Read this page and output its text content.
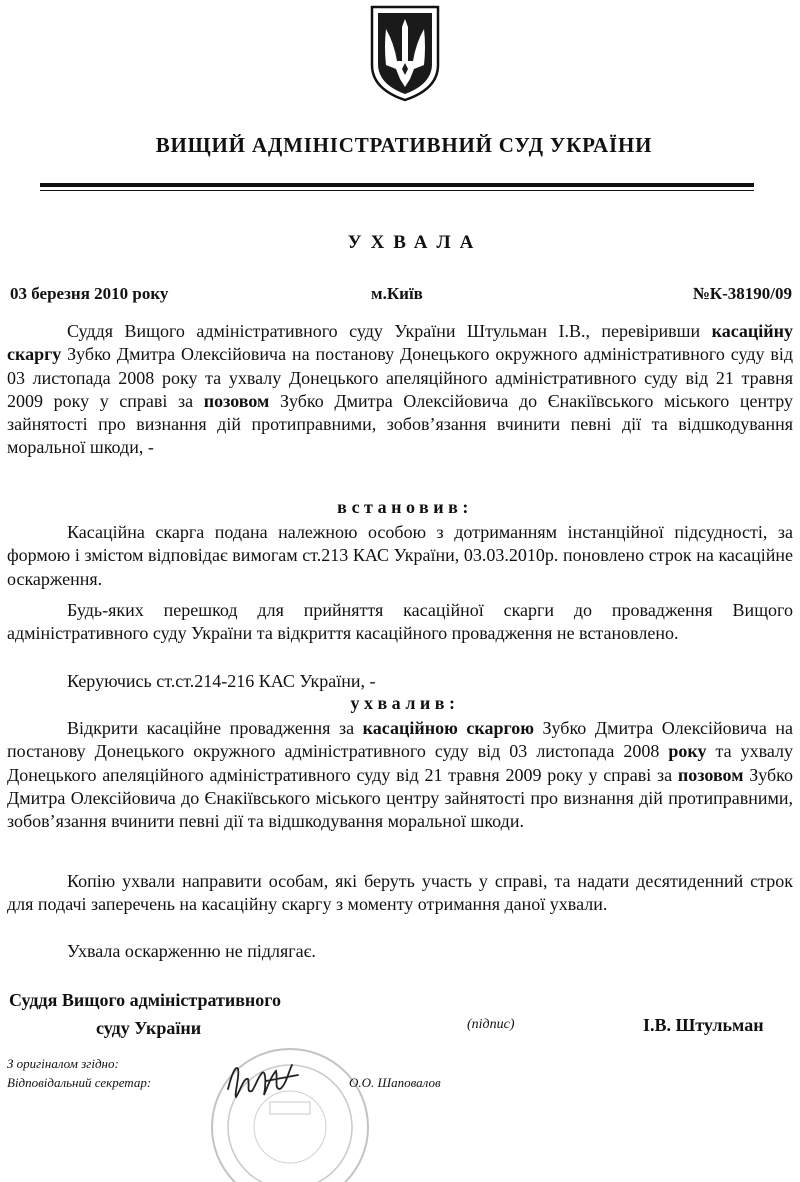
ВИЩИЙ АДМІНІСТРАТИВНИЙ СУД УКРАЇНИ
УХВАЛА
03 березня 2010 року	м.Київ	№К-38190/09
Суддя Вищого адміністративного суду України Штульман І.В., перевіривши касаційну скаргу Зубко Дмитра Олексійовича на постанову Донецького окружного адміністративного суду від 03 листопада 2008 року та ухвалу Донецького апеляційного адміністративного суду від 21 травня 2009 року у справі за позовом Зубко Дмитра Олексійовича до Єнакіївського міського центру зайнятості про визнання дій протиправними, зобов’язання вчинити певні дії та відшкодування моральної шкоди, -
встановив:
Касаційна скарга подана належною особою з дотриманням інстанційної підсудності, за формою і змістом відповідає вимогам ст.213 КАС України, 03.03.2010р. поновлено строк на касаційне оскарження.
Будь-яких перешкод для прийняття касаційної скарги до провадження Вищого адміністративного суду України та відкриття касаційного провадження не встановлено.
Керуючись ст.ст.214-216 КАС України, -
ухвалив:
Відкрити касаційне провадження за касаційною скаргою Зубко Дмитра Олексійовича на постанову Донецького окружного адміністративного суду від 03 листопада 2008 року та ухвалу Донецького апеляційного адміністративного суду від 21 травня 2009 року у справі за позовом Зубко Дмитра Олексійовича до Єнакіївського міського центру зайнятості про визнання дій протиправними, зобов’язання вчинити певні дії та відшкодування моральної шкоди.
Копію ухвали направити особам, які беруть участь у справі, та надати десятиденний строк для подачі заперечень на касаційну скаргу з моменту отримання даної ухвали.
Ухвала оскарженню не підлягає.
Суддя Вищого адміністративного
суду України	(підпис)	І.В. Штульман
З оригіналом згідно:
Відповідальний секретар:	О.О. Шаповалов
